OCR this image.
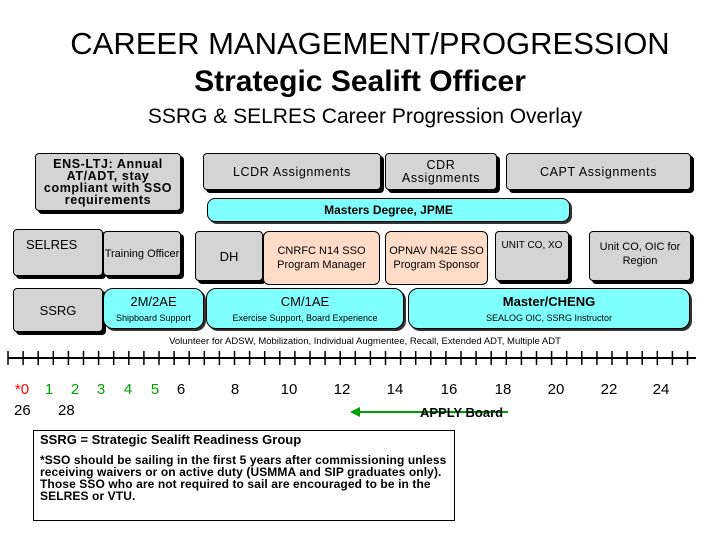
CAREER MANAGEMENT/PROGRESSION
Strategic Sealift Officer
SSRG & SELRES Career Progression Overlay
ENS-LTJ: Annual AT/ADT, stay compliant with SSO requirements
LCDR Assignments	CDR Assignments	CAPT Assignments
Masters Degree, JPME
SELRES
Training Officer	DH	CNRFC N14 SSO Program Manager
OPNAV N42E SSO Program Sponsor
UNIT CO, XO	Unit CO, OIC for Region
SSRG
2M/2AE
Shipboard Support
CM/1AE
Exercise Support, Board Experience
Master/CHENG
SEALOG OIC, SSRG Instructor
Volunteer for ADSW, Mobilization, Individual Augmentee, Recall, Extended ADT, Multiple ADT
*0	1	2	3	4	5	6	8	10 12 14 16 18 20 22 24
26 28	APPLY Board
SSRG = Strategic Sealift Readiness Group
*SSO should be sailing in the first 5 years after commissioning unless receiving waivers or on active duty (USMMA and SIP graduates only). Those SSO who are not required to sail are encouraged to be in the SELRES or VTU.
